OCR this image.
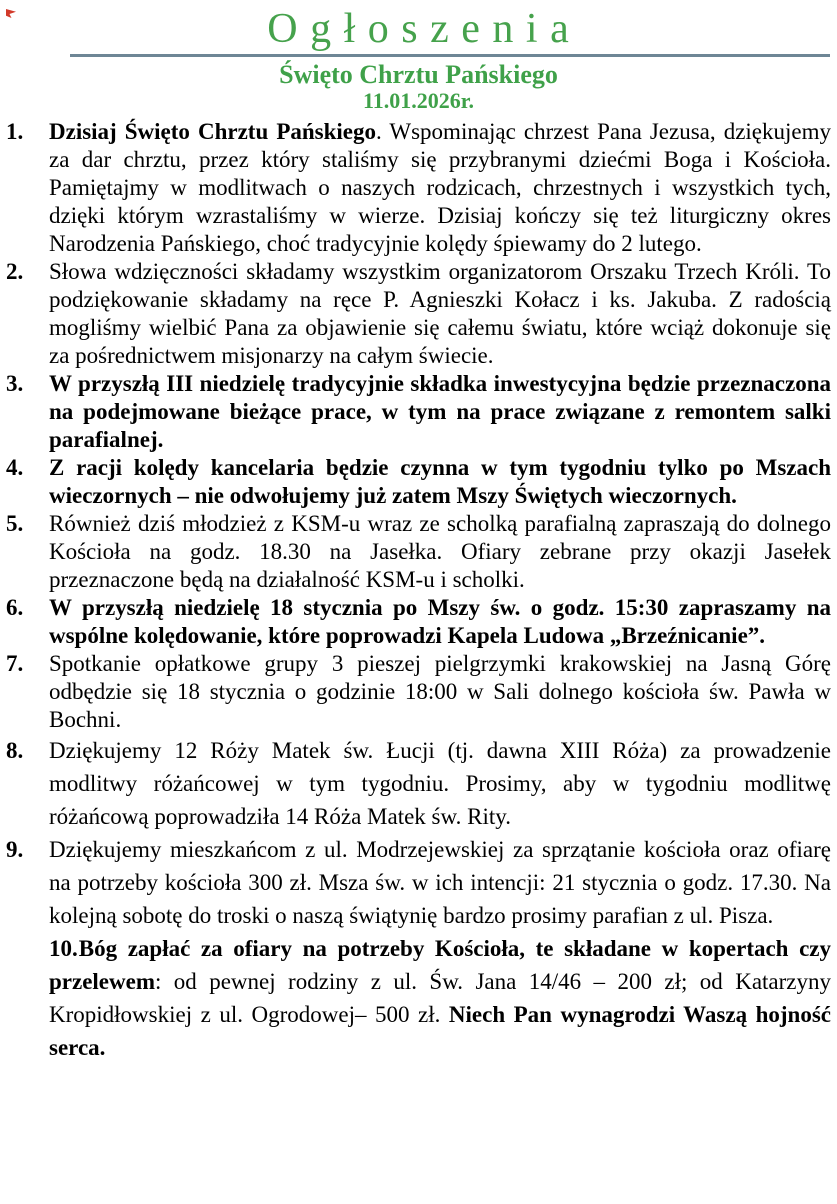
O g ł o s z e n i a
Święto Chrztu Pańskiego
11.01.2026r.
1. Dzisiaj Święto Chrztu Pańskiego. Wspominając chrzest Pana Jezusa, dziękujemy za dar chrztu, przez który staliśmy się przybranymi dziećmi Boga i Kościoła. Pamiętajmy w modlitwach o naszych rodzicach, chrzestnych i wszystkich tych, dzięki którym wzrastaliśmy w wierze. Dzisiaj kończy się też liturgiczny okres Narodzenia Pańskiego, choć tradycyjnie kolędy śpiewamy do 2 lutego.
2. Słowa wdzięczności składamy wszystkim organizatorom Orszaku Trzech Króli. To podziękowanie składamy na ręce P. Agnieszki Kołacz i ks. Jakuba. Z radością mogliśmy wielbić Pana za objawienie się całemu światu, które wciąż dokonuje się za pośrednictwem misjonarzy na całym świecie.
3. W przyszłą III niedzielę tradycyjnie składka inwestycyjna będzie przeznaczona na podejmowane bieżące prace, w tym na prace związane z remontem salki parafialnej.
4. Z racji kolędy kancelaria będzie czynna w tym tygodniu tylko po Mszach wieczornych – nie odwołujemy już zatem Mszy Świętych wieczornych.
5. Również dziś młodzież z KSM-u wraz ze scholką parafialną zapraszają do dolnego Kościoła na godz. 18.30 na Jasełka. Ofiary zebrane przy okazji Jasełek przeznaczone będą na działalność KSM-u i scholki.
6. W przyszłą niedzielę 18 stycznia po Mszy św. o godz. 15:30 zapraszamy na wspólne kolędowanie, które poprowadzi Kapela Ludowa „Brzeźnicanie”.
7. Spotkanie opłatkowe grupy 3 pieszej pielgrzymki krakowskiej na Jasną Górę odbędzie się 18 stycznia o godzinie 18:00 w Sali dolnego kościoła św. Pawła w Bochni.
8. Dziękujemy 12 Róży Matek św. Łucji (tj. dawna XIII Róża) za prowadzenie modlitwy różańcowej w tym tygodniu. Prosimy, aby w tygodniu modlitwę różańcową poprowadziła 14 Róża Matek św. Rity.
9. Dziękujemy mieszkańcom z ul. Modrzejewskiej za sprzątanie kościoła oraz ofiarę na potrzeby kościoła 300 zł. Msza św. w ich intencji: 21 stycznia o godz. 17.30. Na kolejną sobotę do troski o naszą świątynię bardzo prosimy parafian z ul. Pisza.
10.Bóg zapłać za ofiary na potrzeby Kościoła, te składane w kopertach czy przelewem: od pewnej rodziny z ul. Św. Jana 14/46 – 200 zł; od Katarzyny Kropidłowskiej z ul. Ogrodowej– 500 zł. Niech Pan wynagrodzi Waszą hojność serca.
